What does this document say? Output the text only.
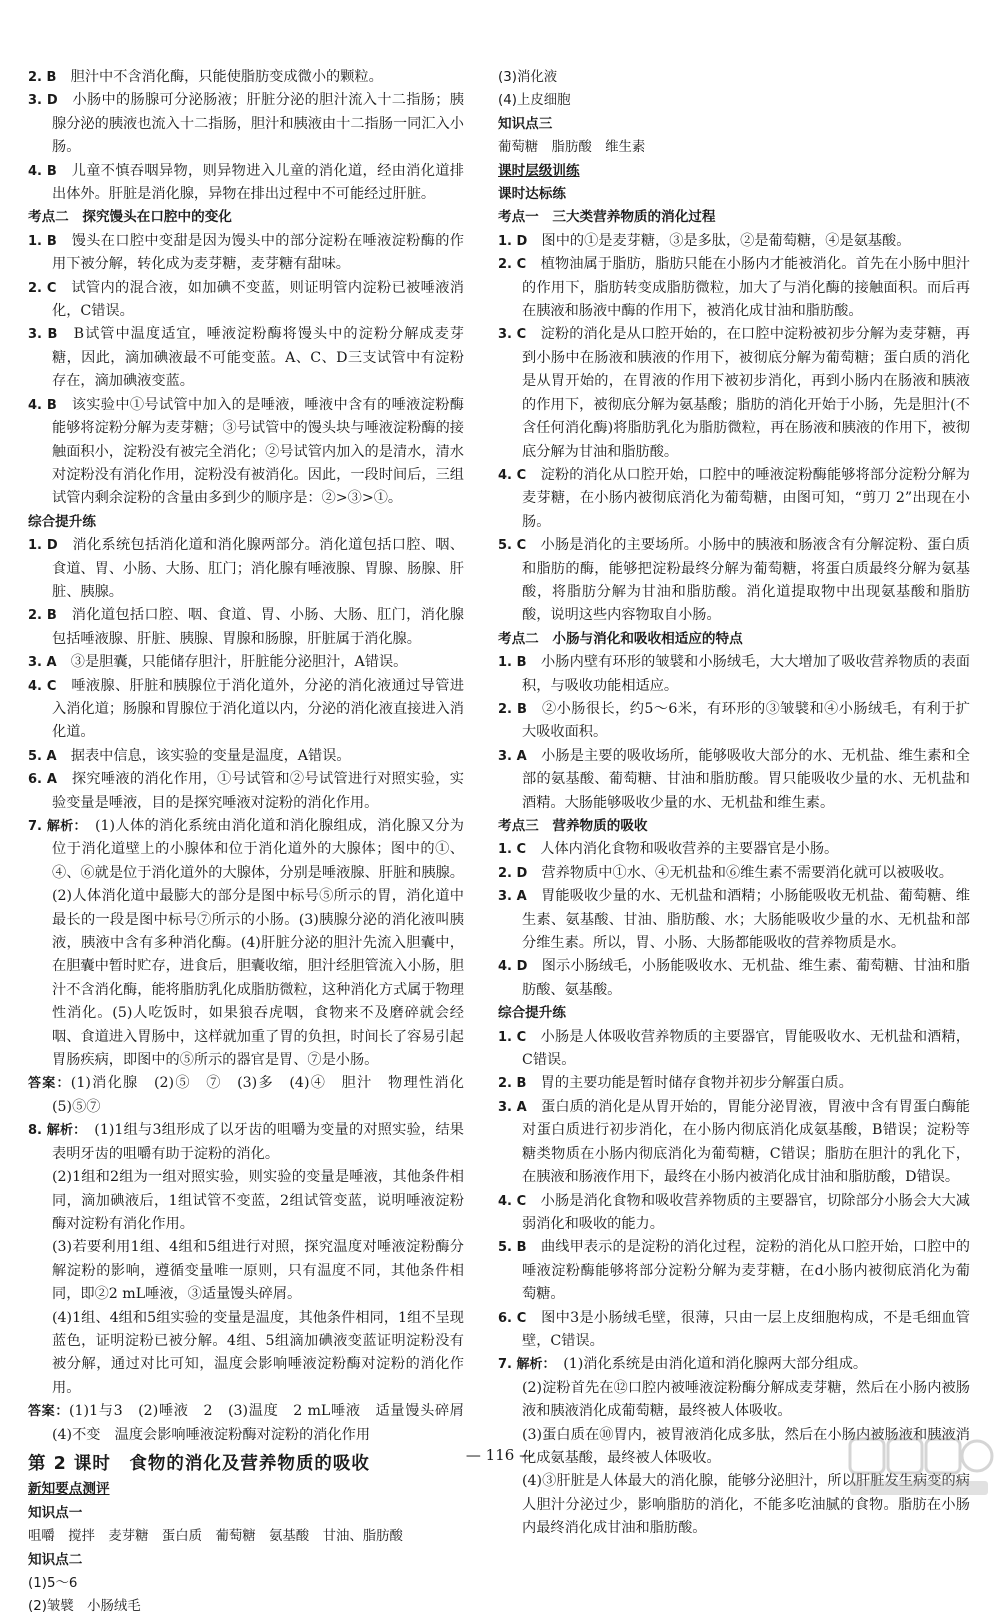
2. B　 胆汁中不含消化酶，只能使脂肪变成微小的颗粒。

3. D　 小肠中的肠腺可分泌肠液；肝脏分泌的胆汁流入十二指肠；胰腺分泌的胰液也流入十二指肠，胆汁和胰液由十二指肠一同汇入小肠。

4. B　 儿童不慎吞咽异物，则异物进入儿童的消化道，经由消化道排出体外。肝脏是消化腺，异物在排出过程中不可能经过肝脏。

考点二　探究馒头在口腔中的变化

1. B　 馒头在口腔中变甜是因为馒头中的部分淀粉在唾液淀粉酶的作用下被分解，转化成为麦芽糖，麦芽糖有甜味。

2. C　 试管内的混合液，如加碘不变蓝，则证明管内淀粉已被唾液消化，C错误。

3. B　 B试管中温度适宜，唾液淀粉酶将馒头中的淀粉分解成麦芽糖，因此，滴加碘液最不可能变蓝。A、C、D三支试管中有淀粉存在，滴加碘液变蓝。

4. B　 该实验中①号试管中加入的是唾液，唾液中含有的唾液淀粉酶能够将淀粉分解为麦芽糖；③号试管中的馒头块与唾液淀粉酶的接触面积小，淀粉没有被完全消化；②号试管内加入的是清水，清水对淀粉没有消化作用，淀粉没有被消化。因此，一段时间后，三组试管内剩余淀粉的含量由多到少的顺序是：②>③>①。

综合提升练

1. D　 消化系统包括消化道和消化腺两部分。消化道包括口腔、咽、食道、胃、小肠、大肠、肛门；消化腺有唾液腺、胃腺、肠腺、肝脏、胰腺。

2. B　 消化道包括口腔、咽、食道、胃、小肠、大肠、肛门，消化腺包括唾液腺、肝脏、胰腺、胃腺和肠腺，肝脏属于消化腺。

3. A　 ③是胆囊，只能储存胆汁，肝脏能分泌胆汁，A错误。

4. C　 唾液腺、肝脏和胰腺位于消化道外，分泌的消化液通过导管进入消化道；肠腺和胃腺位于消化道以内，分泌的消化液直接进入消化道。

5. A　 据表中信息，该实验的变量是温度，A错误。

6. A　 探究唾液的消化作用，①号试管和②号试管进行对照实验，实验变量是唾液，目的是探究唾液对淀粉的消化作用。

7. 解析：　 (1)人体的消化系统由消化道和消化腺组成，消化腺又分为位于消化道壁上的小腺体和位于消化道外的大腺体；图中的①、④、⑥就是位于消化道外的大腺体，分别是唾液腺、肝脏和胰腺。(2)人体消化道中最膨大的部分是图中标号⑤所示的胃，消化道中最长的一段是图中标号⑦所示的小肠。(3)胰腺分泌的消化液叫胰液，胰液中含有多种消化酶。(4)肝脏分泌的胆汁先流入胆囊中，在胆囊中暂时贮存，进食后，胆囊收缩，胆汁经胆管流入小肠，胆汁不含消化酶，能将脂肪乳化成脂肪微粒，这种消化方式属于物理性消化。(5)人吃饭时，如果狼吞虎咽，食物来不及磨碎就会经咽、食道进入胃肠中，这样就加重了胃的负担，时间长了容易引起胃肠疾病，即图中的⑤所示的器官是胃、⑦是小肠。

答案：(1)消化腺　(2)⑤　⑦　(3)多　(4)④　胆汁　物理性消化　(5)⑤⑦

8. 解析：　 (1)1组与3组形成了以牙齿的咀嚼为变量的对照实验，结果表明牙齿的咀嚼有助于淀粉的消化。

(2)1组和2组为一组对照实验，则实验的变量是唾液，其他条件相同，滴加碘液后，1组试管不变蓝，2组试管变蓝，说明唾液淀粉酶对淀粉有消化作用。

(3)若要利用1组、4组和5组进行对照，探究温度对唾液淀粉酶分解淀粉的影响，遵循变量唯一原则，只有温度不同，其他条件相同，即②2 mL唾液，③适量馒头碎屑。

(4)1组、4组和5组实验的变量是温度，其他条件相同，1组不呈现蓝色，证明淀粉已被分解。4组、5组滴加碘液变蓝证明淀粉没有被分解，通过对比可知，温度会影响唾液淀粉酶对淀粉的消化作用。

答案：(1)1与3　(2)唾液　2　(3)温度　2 mL唾液　适量馒头碎屑　(4)不变　温度会影响唾液淀粉酶对淀粉的消化作用

第 2 课时　食物的消化及营养物质的吸收

新知要点测评

知识点一

咀嚼　搅拌　麦芽糖　蛋白质　葡萄糖　氨基酸　甘油、脂肪酸

知识点二

(1)5～6

(2)皱襞　小肠绒毛

(3)消化液

(4)上皮细胞

知识点三

葡萄糖　脂肪酸　维生素

课时层级训练

课时达标练

考点一　三大类营养物质的消化过程

1. D　 图中的①是麦芽糖，③是多肽，②是葡萄糖，④是氨基酸。

2. C　 植物油属于脂肪，脂肪只能在小肠内才能被消化。首先在小肠中胆汁的作用下，脂肪转变成脂肪微粒，加大了与消化酶的接触面积。而后再在胰液和肠液中酶的作用下，被消化成甘油和脂肪酸。

3. C　 淀粉的消化是从口腔开始的，在口腔中淀粉被初步分解为麦芽糖，再到小肠中在肠液和胰液的作用下，被彻底分解为葡萄糖；蛋白质的消化是从胃开始的，在胃液的作用下被初步消化，再到小肠内在肠液和胰液的作用下，被彻底分解为氨基酸；脂肪的消化开始于小肠，先是胆汁(不含任何消化酶)将脂肪乳化为脂肪微粒，再在肠液和胰液的作用下，被彻底分解为甘油和脂肪酸。

4. C　 淀粉的消化从口腔开始，口腔中的唾液淀粉酶能够将部分淀粉分解为麦芽糖，在小肠内被彻底消化为葡萄糖，由图可知，“剪刀 2”出现在小肠。

5. C　 小肠是消化的主要场所。小肠中的胰液和肠液含有分解淀粉、蛋白质和脂肪的酶，能够把淀粉最终分解为葡萄糖，将蛋白质最终分解为氨基酸，将脂肪分解为甘油和脂肪酸。消化道提取物中出现氨基酸和脂肪酸，说明这些内容物取自小肠。

考点二　小肠与消化和吸收相适应的特点

1. B　 小肠内壁有环形的皱襞和小肠绒毛，大大增加了吸收营养物质的表面积，与吸收功能相适应。

2. B　 ②小肠很长，约5～6米，有环形的③皱襞和④小肠绒毛，有利于扩大吸收面积。

3. A　 小肠是主要的吸收场所，能够吸收大部分的水、无机盐、维生素和全部的氨基酸、葡萄糖、甘油和脂肪酸。胃只能吸收少量的水、无机盐和酒精。大肠能够吸收少量的水、无机盐和维生素。

考点三　营养物质的吸收

1. C　 人体内消化食物和吸收营养的主要器官是小肠。

2. D　 营养物质中①水、④无机盐和⑥维生素不需要消化就可以被吸收。

3. A　 胃能吸收少量的水、无机盐和酒精；小肠能吸收无机盐、葡萄糖、维生素、氨基酸、甘油、脂肪酸、水；大肠能吸收少量的水、无机盐和部分维生素。所以，胃、小肠、大肠都能吸收的营养物质是水。

4. D　 图示小肠绒毛，小肠能吸收水、无机盐、维生素、葡萄糖、甘油和脂肪酸、氨基酸。

综合提升练

1. C　 小肠是人体吸收营养物质的主要器官，胃能吸收水、无机盐和酒精，C错误。

2. B　 胃的主要功能是暂时储存食物并初步分解蛋白质。

3. A　 蛋白质的消化是从胃开始的，胃能分泌胃液，胃液中含有胃蛋白酶能对蛋白质进行初步消化，在小肠内彻底消化成氨基酸，B错误；淀粉等糖类物质在小肠内彻底消化为葡萄糖，C错误；脂肪在胆汁的乳化下，在胰液和肠液作用下，最终在小肠内被消化成甘油和脂肪酸，D错误。

4. C　 小肠是消化食物和吸收营养物质的主要器官，切除部分小肠会大大减弱消化和吸收的能力。

5. B　 曲线甲表示的是淀粉的消化过程，淀粉的消化从口腔开始，口腔中的唾液淀粉酶能够将部分淀粉分解为麦芽糖，在d小肠内被彻底消化为葡萄糖。

6. C　 图中3是小肠绒毛壁，很薄，只由一层上皮细胞构成，不是毛细血管壁，C错误。

7. 解析：　 (1)消化系统是由消化道和消化腺两大部分组成。

(2)淀粉首先在⑫口腔内被唾液淀粉酶分解成麦芽糖，然后在小肠内被肠液和胰液消化成葡萄糖，最终被人体吸收。

(3)蛋白质在⑩胃内，被胃液消化成多肽，然后在小肠内被肠液和胰液消化成氨基酸，最终被人体吸收。

(4)③肝脏是人体最大的消化腺，能够分泌胆汁，所以肝脏发生病变的病人胆汁分泌过少，影响脂肪的消化，不能多吃油腻的食物。脂肪在小肠内最终消化成甘油和脂肪酸。

— 116 —
